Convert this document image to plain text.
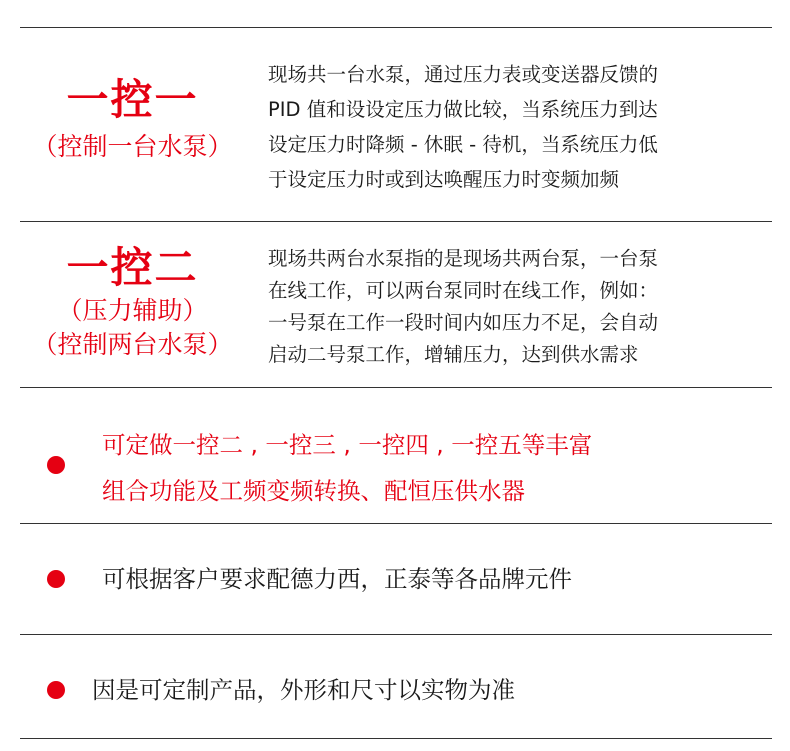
一控一
（控制一台水泵）
现场共一台水泵，通过压力表或变送器反馈的
PID 值和设设定压力做比较，当系统压力到达
设定压力时降频 - 休眠 - 待机，当系统压力低
于设定压力时或到达唤醒压力时变频加频
一控二
（压力辅助）
（控制两台水泵）
现场共两台水泵指的是现场共两台泵，一台泵
在线工作，可以两台泵同时在线工作，例如：
一号泵在工作一段时间内如压力不足，会自动
启动二号泵工作，增辅压力，达到供水需求
可定做一控二 , 一控三 , 一控四 , 一控五等丰富
组合功能及工频变频转换、配恒压供水器
可根据客户要求配德力西，正泰等各品牌元件
因是可定制产品，外形和尺寸以实物为准
